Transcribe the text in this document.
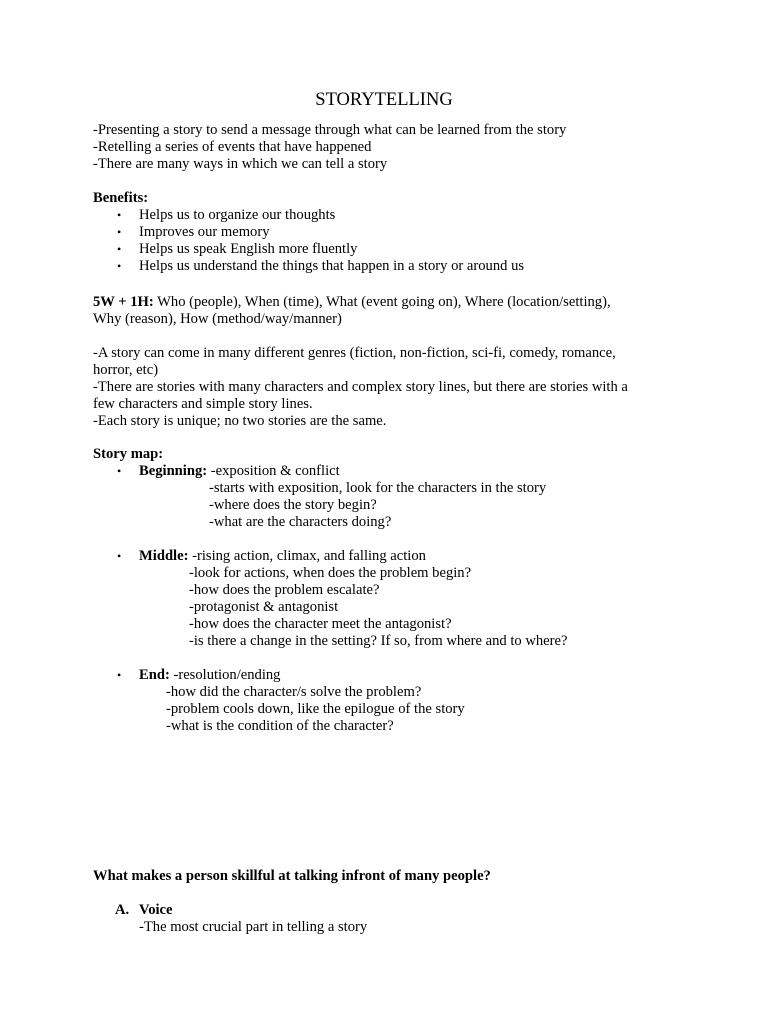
STORYTELLING
-Presenting a story to send a message through what can be learned from the story
-Retelling a series of events that have happened
-There are many ways in which we can tell a story
Benefits:
• Helps us to organize our thoughts
• Improves our memory
• Helps us speak English more fluently
• Helps us understand the things that happen in a story or around us
5W + 1H: Who (people), When (time), What (event going on), Where (location/setting),
Why (reason), How (method/way/manner)
-A story can come in many different genres (fiction, non-fiction, sci-fi, comedy, romance,
horror, etc)
-There are stories with many characters and complex story lines, but there are stories with a
few characters and simple story lines.
-Each story is unique; no two stories are the same.
Story map:
• Beginning: -exposition & conflict
-starts with exposition, look for the characters in the story
-where does the story begin?
-what are the characters doing?
• Middle: -rising action, climax, and falling action
-look for actions, when does the problem begin?
-how does the problem escalate?
-protagonist & antagonist
-how does the character meet the antagonist?
-is there a change in the setting? If so, from where and to where?
• End: -resolution/ending
-how did the character/s solve the problem?
-problem cools down, like the epilogue of the story
-what is the condition of the character?
What makes a person skillful at talking infront of many people?
A. Voice
-The most crucial part in telling a story
